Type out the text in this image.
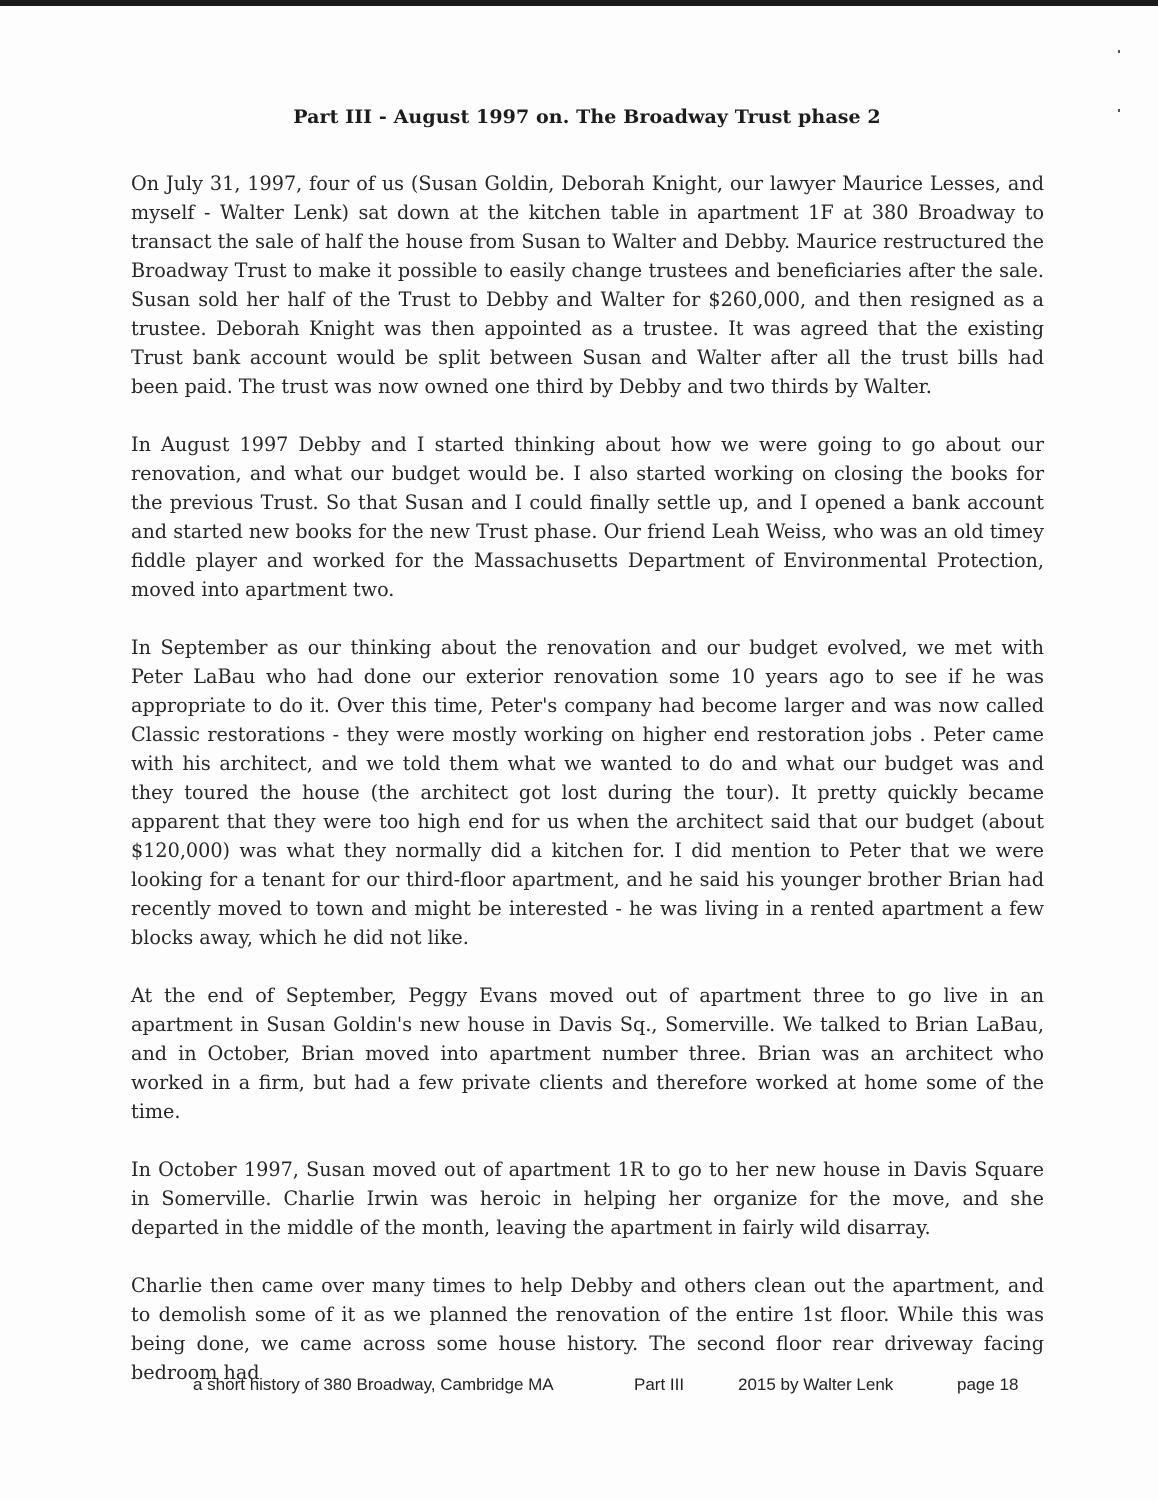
Part III - August 1997 on. The Broadway Trust phase 2

On July 31, 1997, four of us (Susan Goldin, Deborah Knight, our lawyer Maurice Lesses, and myself - Walter Lenk) sat down at the kitchen table in apartment 1F at 380 Broadway to transact the sale of half the house from Susan to Walter and Debby. Maurice restructured the Broadway Trust to make it possible to easily change trustees and beneficiaries after the sale. Susan sold her half of the Trust to Debby and Walter for $260,000, and then resigned as a trustee. Deborah Knight was then appointed as a trustee. It was agreed that the existing Trust bank account would be split between Susan and Walter after all the trust bills had been paid. The trust was now owned one third by Debby and two thirds by Walter.

In August 1997 Debby and I started thinking about how we were going to go about our renovation, and what our budget would be. I also started working on closing the books for the previous Trust. So that Susan and I could finally settle up, and I opened a bank account and started new books for the new Trust phase. Our friend Leah Weiss, who was an old timey fiddle player and worked for the Massachusetts Department of Environmental Protection, moved into apartment two.

In September as our thinking about the renovation and our budget evolved, we met with Peter LaBau who had done our exterior renovation some 10 years ago to see if he was appropriate to do it. Over this time, Peter's company had become larger and was now called Classic restorations - they were mostly working on higher end restoration jobs . Peter came with his architect, and we told them what we wanted to do and what our budget was and they toured the house (the architect got lost during the tour). It pretty quickly became apparent that they were too high end for us when the architect said that our budget (about $120,000) was what they normally did a kitchen for. I did mention to Peter that we were looking for a tenant for our third-floor apartment, and he said his younger brother Brian had recently moved to town and might be interested - he was living in a rented apartment a few blocks away, which he did not like.

At the end of September, Peggy Evans moved out of apartment three to go live in an apartment in Susan Goldin's new house in Davis Sq., Somerville. We talked to Brian LaBau, and in October, Brian moved into apartment number three. Brian was an architect who worked in a firm, but had a few private clients and therefore worked at home some of the time.

In October 1997, Susan moved out of apartment 1R to go to her new house in Davis Square in Somerville. Charlie Irwin was heroic in helping her organize for the move, and she departed in the middle of the month, leaving the apartment in fairly wild disarray.

Charlie then came over many times to help Debby and others clean out the apartment, and to demolish some of it as we planned the renovation of the entire 1st floor. While this was being done, we came across some house history. The second floor rear driveway facing bedroom had

a short history of 380 Broadway, Cambridge MA	Part III	2015 by Walter Lenk	page 18
